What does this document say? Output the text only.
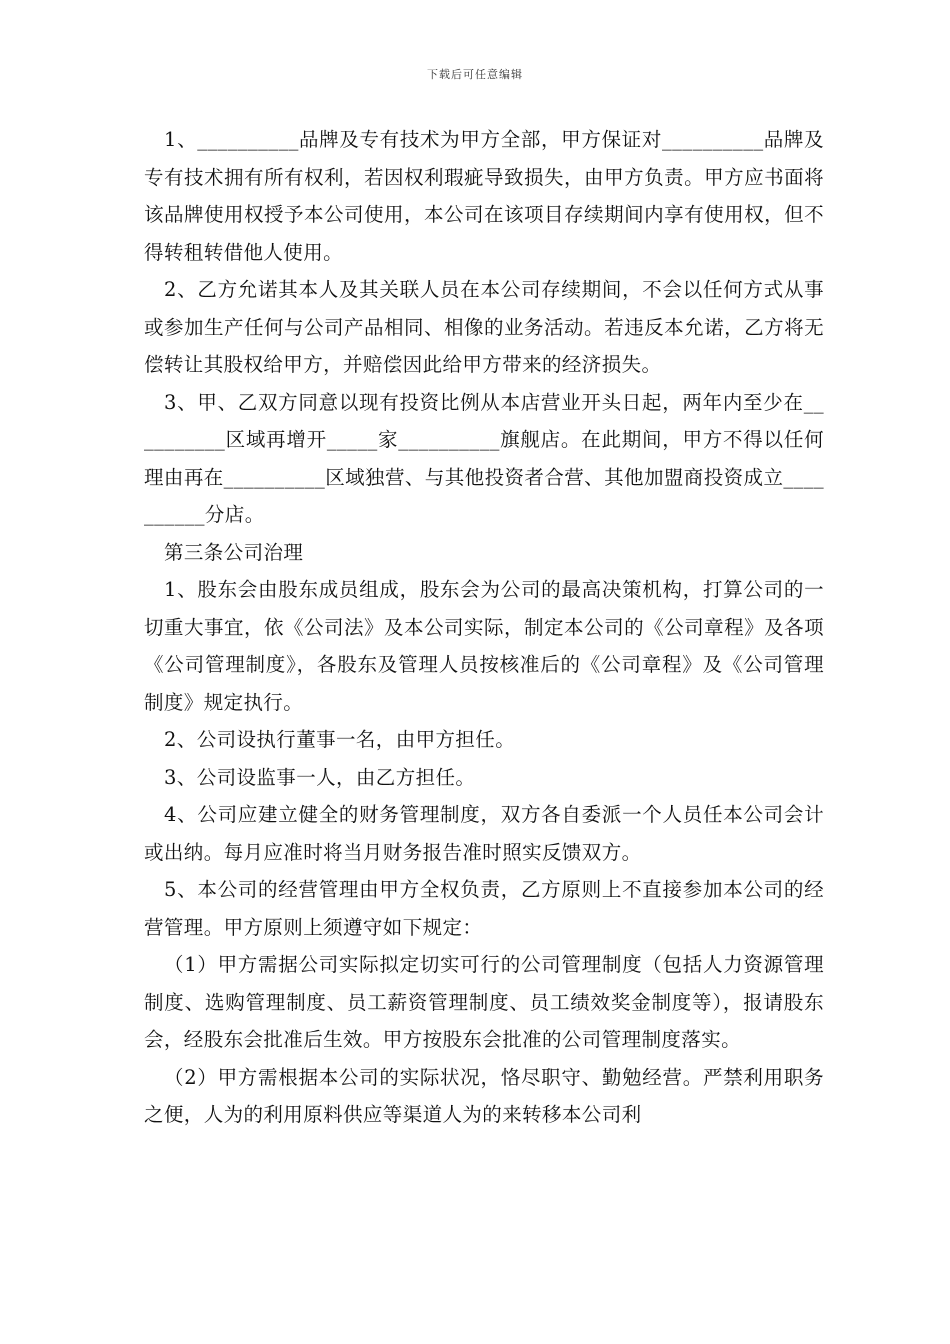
下载后可任意编辑

1、__________品牌及专有技术为甲方全部，甲方保证对__________品牌及专有技术拥有所有权利，若因权利瑕疵导致损失，由甲方负责。甲方应书面将该品牌使用权授予本公司使用，本公司在该项目存续期间内享有使用权，但不得转租转借他人使用。

2、乙方允诺其本人及其关联人员在本公司存续期间，不会以任何方式从事或参加生产任何与公司产品相同、相像的业务活动。若违反本允诺，乙方将无偿转让其股权给甲方，并赔偿因此给甲方带来的经济损失。

3、甲、乙双方同意以现有投资比例从本店营业开头日起，两年内至少在__________区域再增开_____家__________旗舰店。在此期间，甲方不得以任何理由再在__________区域独营、与其他投资者合营、其他加盟商投资成立__________分店。

第三条公司治理

1、股东会由股东成员组成，股东会为公司的最高决策机构，打算公司的一切重大事宜，依《公司法》及本公司实际，制定本公司的《公司章程》及各项《公司管理制度》，各股东及管理人员按核准后的《公司章程》及《公司管理制度》规定执行。

2、公司设执行董事一名，由甲方担任。

3、公司设监事一人，由乙方担任。

4、公司应建立健全的财务管理制度，双方各自委派一个人员任本公司会计或出纳。每月应准时将当月财务报告准时照实反馈双方。

5、本公司的经营管理由甲方全权负责，乙方原则上不直接参加本公司的经营管理。甲方原则上须遵守如下规定：

（1）甲方需据公司实际拟定切实可行的公司管理制度（包括人力资源管理制度、选购管理制度、员工薪资管理制度、员工绩效奖金制度等），报请股东会，经股东会批准后生效。甲方按股东会批准的公司管理制度落实。

（2）甲方需根据本公司的实际状况，恪尽职守、勤勉经营。严禁利用职务之便，人为的利用原料供应等渠道人为的来转移本公司利
